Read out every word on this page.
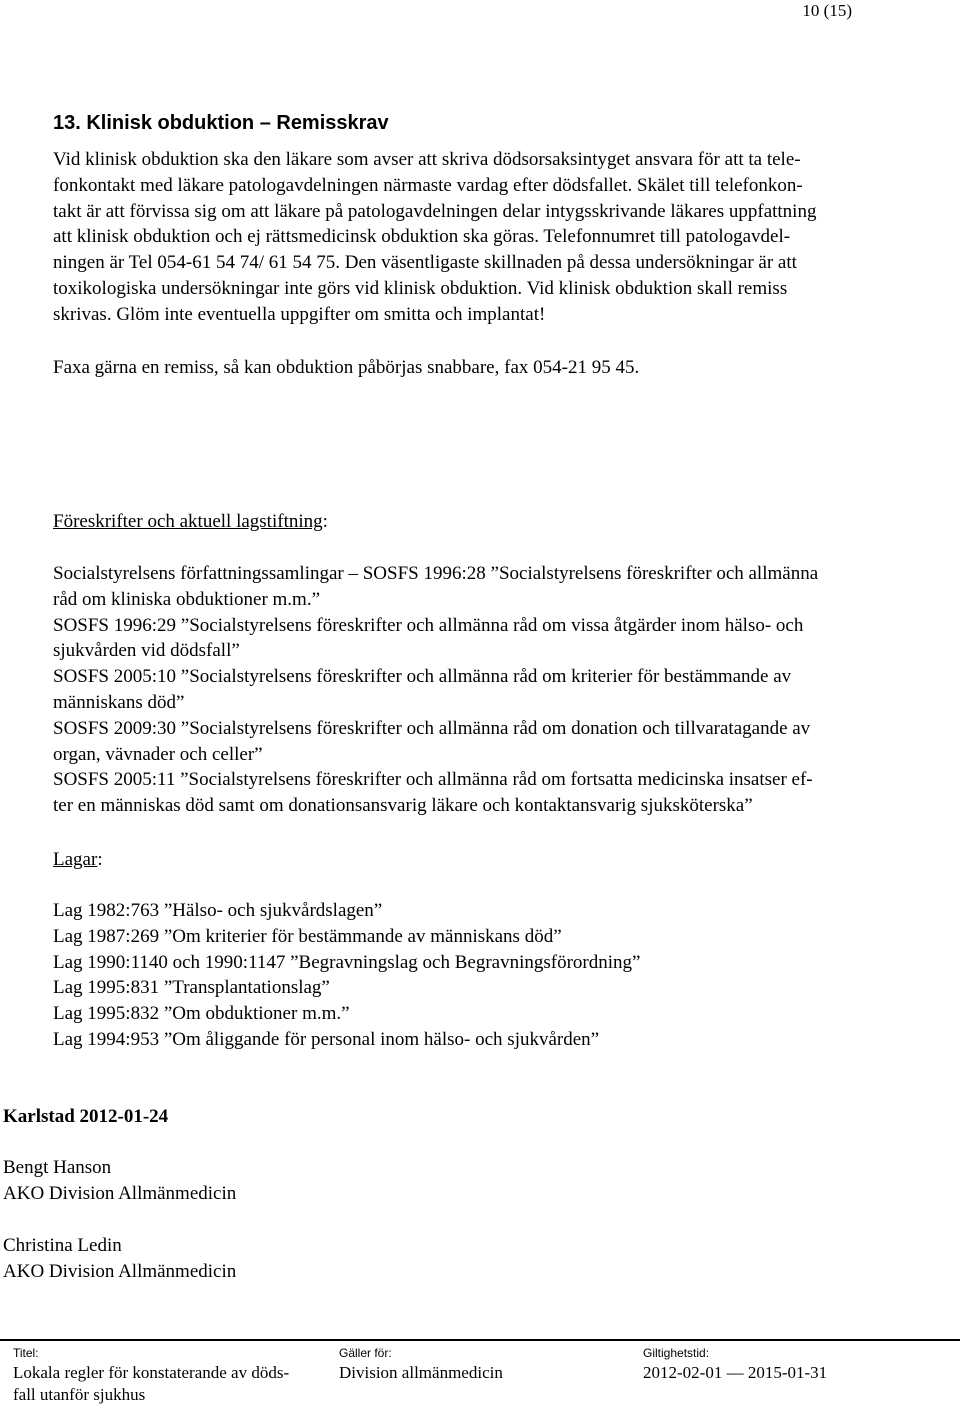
10 (15)
13. Klinisk obduktion – Remisskrav
Vid klinisk obduktion ska den läkare som avser att skriva dödsorsaksintyget ansvara för att ta tele-
fonkontakt med läkare patologavdelningen närmaste vardag efter dödsfallet. Skälet till telefonkon-
takt är att förvissa sig om att läkare på patologavdelningen delar intygsskrivande läkares uppfattning
att klinisk obduktion och ej rättsmedicinsk obduktion ska göras. Telefonnumret till patologavdel-
ningen är Tel 054-61 54 74/ 61 54 75. Den väsentligaste skillnaden på dessa undersökningar är att
toxikologiska undersökningar inte görs vid klinisk obduktion. Vid klinisk obduktion skall remiss
skrivas. Glöm inte eventuella uppgifter om smitta och implantat!
Faxa gärna en remiss, så kan obduktion påbörjas snabbare, fax 054-21 95 45.
Föreskrifter och aktuell lagstiftning:
Socialstyrelsens författningssamlingar – SOSFS 1996:28 ”Socialstyrelsens föreskrifter och allmänna
råd om kliniska obduktioner m.m.”
SOSFS 1996:29 ”Socialstyrelsens föreskrifter och allmänna råd om vissa åtgärder inom hälso- och
sjukvården vid dödsfall”
SOSFS 2005:10 ”Socialstyrelsens föreskrifter och allmänna råd om kriterier för bestämmande av
människans död”
SOSFS 2009:30 ”Socialstyrelsens föreskrifter och allmänna råd om donation och tillvaratagande av
organ, vävnader och celler”
SOSFS 2005:11 ”Socialstyrelsens föreskrifter och allmänna råd om fortsatta medicinska insatser ef-
ter en människas död samt om donationsansvarig läkare och kontaktansvarig sjuksköterska”
Lagar:
Lag 1982:763 ”Hälso- och sjukvårdslagen”
Lag 1987:269 ”Om kriterier för bestämmande av människans död”
Lag 1990:1140 och 1990:1147 ”Begravningslag och Begravningsförordning”
Lag 1995:831 ”Transplantationslag”
Lag 1995:832 ”Om obduktioner m.m.”
Lag 1994:953 ”Om åliggande för personal inom hälso- och sjukvården”
Karlstad 2012-01-24
Bengt Hanson
AKO Division Allmänmedicin
Christina Ledin
AKO Division Allmänmedicin
Titel:
Lokala regler för konstaterande av döds-
fall utanför sjukhus
Gäller för:
Division allmänmedicin
Giltighetstid:
2012-02-01 — 2015-01-31
